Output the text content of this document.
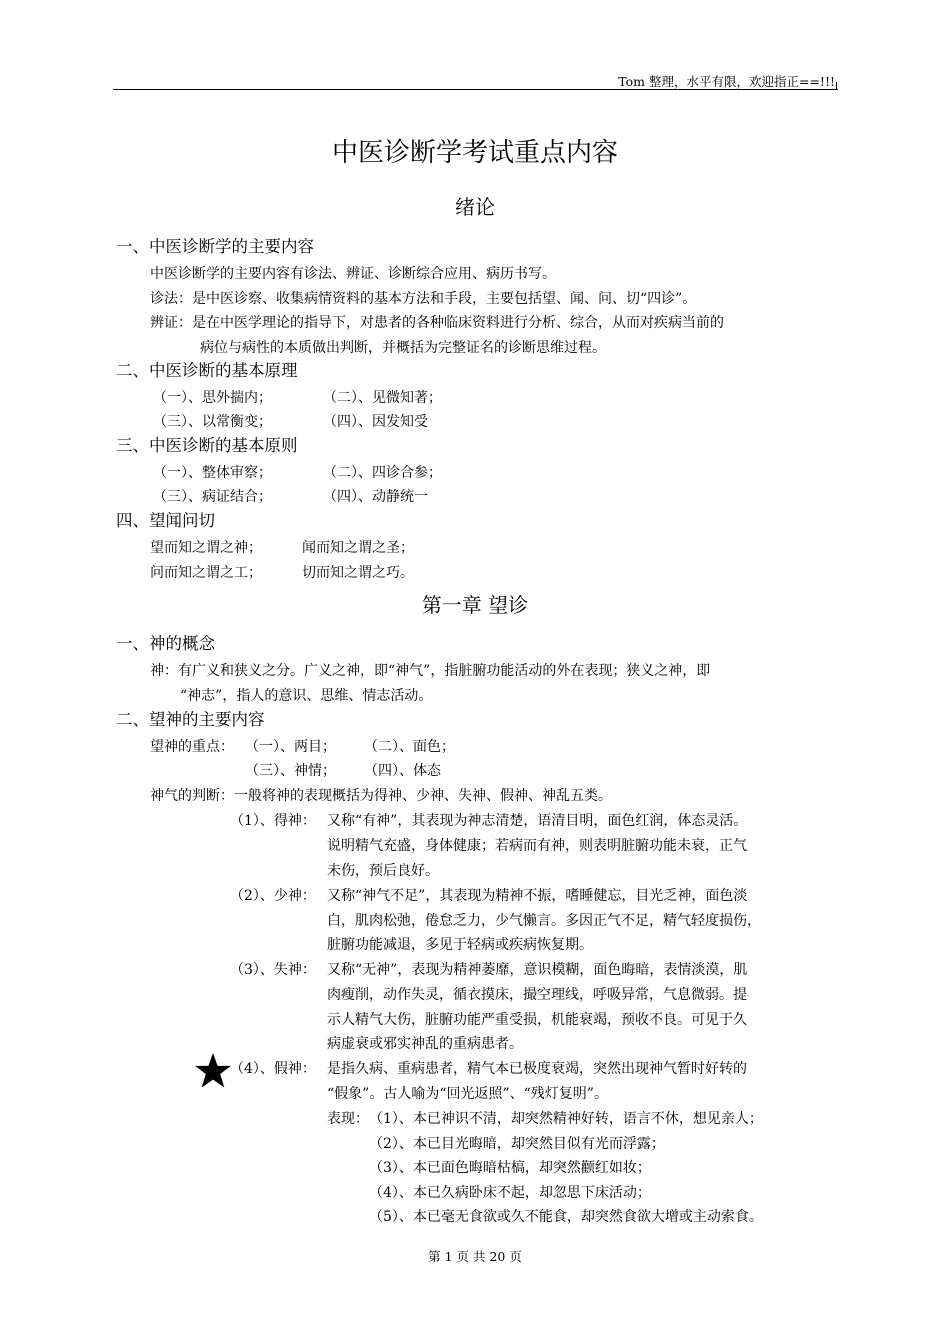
Tom 整理，水平有限，欢迎指正==!!!
中医诊断学考试重点内容
绪论
一、中医诊断学的主要内容
中医诊断学的主要内容有诊法、辨证、诊断综合应用、病历书写。
诊法：是中医诊察、收集病情资料的基本方法和手段，主要包括望、闻、问、切“四诊”。
辨证：是在中医学理论的指导下，对患者的各种临床资料进行分析、综合，从而对疾病当前的
病位与病性的本质做出判断，并概括为完整证名的诊断思维过程。
二、中医诊断的基本原理
（一）、思外揣内；	（二）、见微知著；
（三）、以常衡变；	（四）、因发知受
三、中医诊断的基本原则
（一）、整体审察；	（二）、四诊合参；
（三）、病证结合；	（四）、动静统一
四、望闻问切
望而知之谓之神；	闻而知之谓之圣；
问而知之谓之工；	切而知之谓之巧。
第一章 望诊
一、神的概念
神：有广义和狭义之分。广义之神，即“神气”，指脏腑功能活动的外在表现；狭义之神，即
“神志”，指人的意识、思维、情志活动。
二、望神的主要内容
望神的重点： （一）、两目； （二）、面色；
（三）、神情； （四）、体态
神气的判断：一般将神的表现概括为得神、少神、失神、假神、神乱五类。
（1）、得神： 又称“有神”，其表现为神志清楚，语清目明，面色红润，体态灵活。
说明精气充盛，身体健康；若病而有神，则表明脏腑功能未衰，正气
未伤，预后良好。
（2）、少神： 又称“神气不足”，其表现为精神不振，嗜睡健忘，目光乏神，面色淡
白，肌肉松弛，倦怠乏力，少气懒言。多因正气不足，精气轻度损伤，
脏腑功能减退，多见于轻病或疾病恢复期。
（3）、失神： 又称“无神”，表现为精神萎靡，意识模糊，面色晦暗，表情淡漠，肌
肉瘦削，动作失灵，循衣摸床，撮空理线，呼吸异常，气息微弱。提
示人精气大伤，脏腑功能严重受损，机能衰竭，预收不良。可见于久
病虚衰或邪实神乱的重病患者。
（4）、假神： 是指久病、重病患者，精气本已极度衰竭，突然出现神气暂时好转的
“假象”。古人喻为“回光返照”、“残灯复明”。
表现： （1）、本已神识不清，却突然精神好转，语言不休，想见亲人；
（2）、本已目光晦暗，却突然目似有光而浮露；
（3）、本已面色晦暗枯槁，却突然颧红如妆；
（4）、本已久病卧床不起，却忽思下床活动；
（5）、本已毫无食欲或久不能食，却突然食欲大增或主动索食。
第 1 页 共 20 页
